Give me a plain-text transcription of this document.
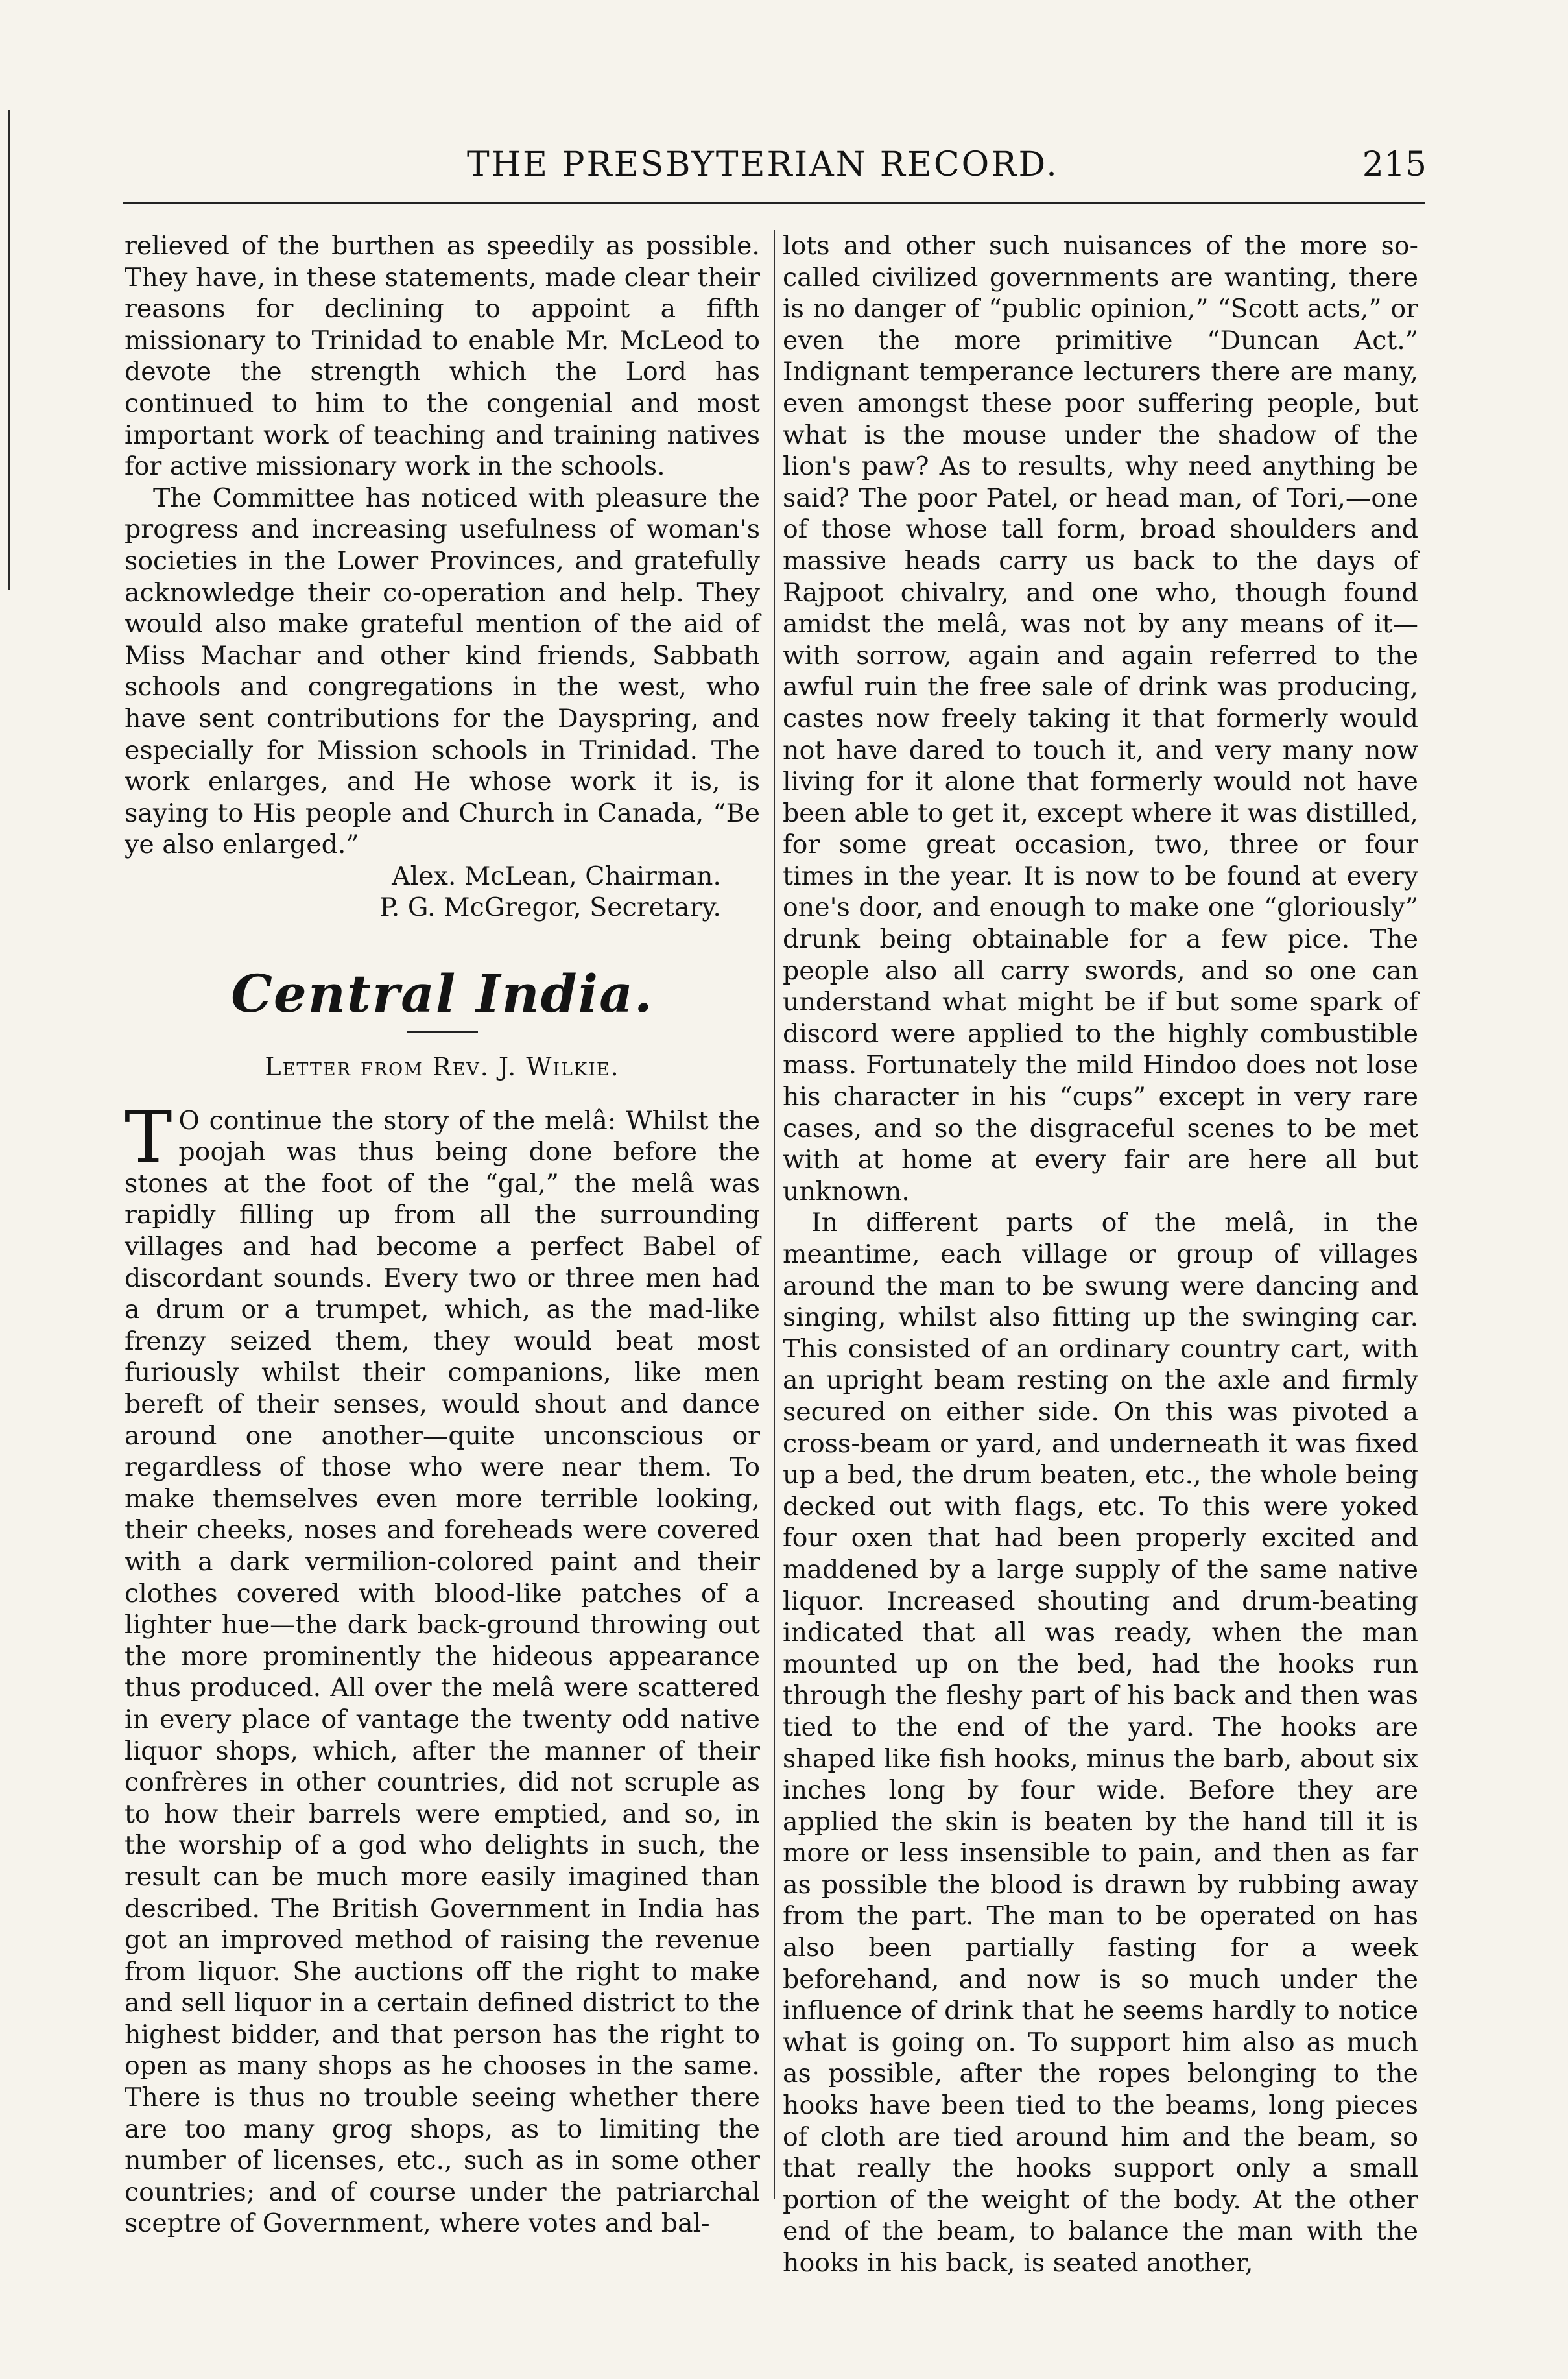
THE PRESBYTERIAN RECORD.	215

relieved of the burthen as speedily as possible. They have, in these statements, made clear their reasons for declining to appoint a fifth missionary to Trinidad to enable Mr. McLeod to devote the strength which the Lord has continued to him to the congenial and most important work of teaching and training natives for active missionary work in the schools.

The Committee has noticed with pleasure the progress and increasing usefulness of woman's societies in the Lower Provinces, and gratefully acknowledge their co-operation and help. They would also make grateful mention of the aid of Miss Machar and other kind friends, Sabbath schools and congregations in the west, who have sent contributions for the Dayspring, and especially for Mission schools in Trinidad. The work enlarges, and He whose work it is, is saying to His people and Church in Canada, “Be ye also enlarged.”

Alex. McLean, Chairman.

P. G. McGregor, Secretary.

Central India.
Letter from Rev. J. Wilkie.

T O continue the story of the melâ: Whilst the poojah was thus being done before the stones at the foot of the “gal,” the melâ was rapidly filling up from all the surrounding villages and had become a perfect Babel of discordant sounds. Every two or three men had a drum or a trumpet, which, as the mad-like frenzy seized them, they would beat most furiously whilst their companions, like men bereft of their senses, would shout and dance around one another—quite unconscious or regardless of those who were near them. To make themselves even more terrible looking, their cheeks, noses and foreheads were covered with a dark vermilion-colored paint and their clothes covered with blood-like patches of a lighter hue—the dark back-ground throwing out the more prominently the hideous appearance thus produced. All over the melâ were scattered in every place of vantage the twenty odd native liquor shops, which, after the manner of their confrères in other countries, did not scruple as to how their barrels were emptied, and so, in the worship of a god who delights in such, the result can be much more easily imagined than described. The British Government in India has got an improved method of raising the revenue from liquor. She auctions off the right to make and sell liquor in a certain defined district to the highest bidder, and that person has the right to open as many shops as he chooses in the same. There is thus no trouble seeing whether there are too many grog shops, as to limiting the number of licenses, etc., such as in some other countries; and of course under the patriarchal sceptre of Government, where votes and bal-

lots and other such nuisances of the more so-called civilized governments are wanting, there is no danger of “public opinion,” “Scott acts,” or even the more primitive “Duncan Act.” Indignant temperance lecturers there are many, even amongst these poor suffering people, but what is the mouse under the shadow of the lion's paw? As to results, why need anything be said? The poor Patel, or head man, of Tori,—one of those whose tall form, broad shoulders and massive heads carry us back to the days of Rajpoot chivalry, and one who, though found amidst the melâ, was not by any means of it—with sorrow, again and again referred to the awful ruin the free sale of drink was producing, castes now freely taking it that formerly would not have dared to touch it, and very many now living for it alone that formerly would not have been able to get it, except where it was distilled, for some great occasion, two, three or four times in the year. It is now to be found at every one's door, and enough to make one “gloriously” drunk being obtainable for a few pice. The people also all carry swords, and so one can understand what might be if but some spark of discord were applied to the highly combustible mass. Fortunately the mild Hindoo does not lose his character in his “cups” except in very rare cases, and so the disgraceful scenes to be met with at home at every fair are here all but unknown.

In different parts of the melâ, in the meantime, each village or group of villages around the man to be swung were dancing and singing, whilst also fitting up the swinging car. This consisted of an ordinary country cart, with an upright beam resting on the axle and firmly secured on either side. On this was pivoted a cross-beam or yard, and underneath it was fixed up a bed, the drum beaten, etc., the whole being decked out with flags, etc. To this were yoked four oxen that had been properly excited and maddened by a large supply of the same native liquor. Increased shouting and drum-beating indicated that all was ready, when the man mounted up on the bed, had the hooks run through the fleshy part of his back and then was tied to the end of the yard. The hooks are shaped like fish hooks, minus the barb, about six inches long by four wide. Before they are applied the skin is beaten by the hand till it is more or less insensible to pain, and then as far as possible the blood is drawn by rubbing away from the part. The man to be operated on has also been partially fasting for a week beforehand, and now is so much under the influence of drink that he seems hardly to notice what is going on. To support him also as much as possible, after the ropes belonging to the hooks have been tied to the beams, long pieces of cloth are tied around him and the beam, so that really the hooks support only a small portion of the weight of the body. At the other end of the beam, to balance the man with the hooks in his back, is seated another,
